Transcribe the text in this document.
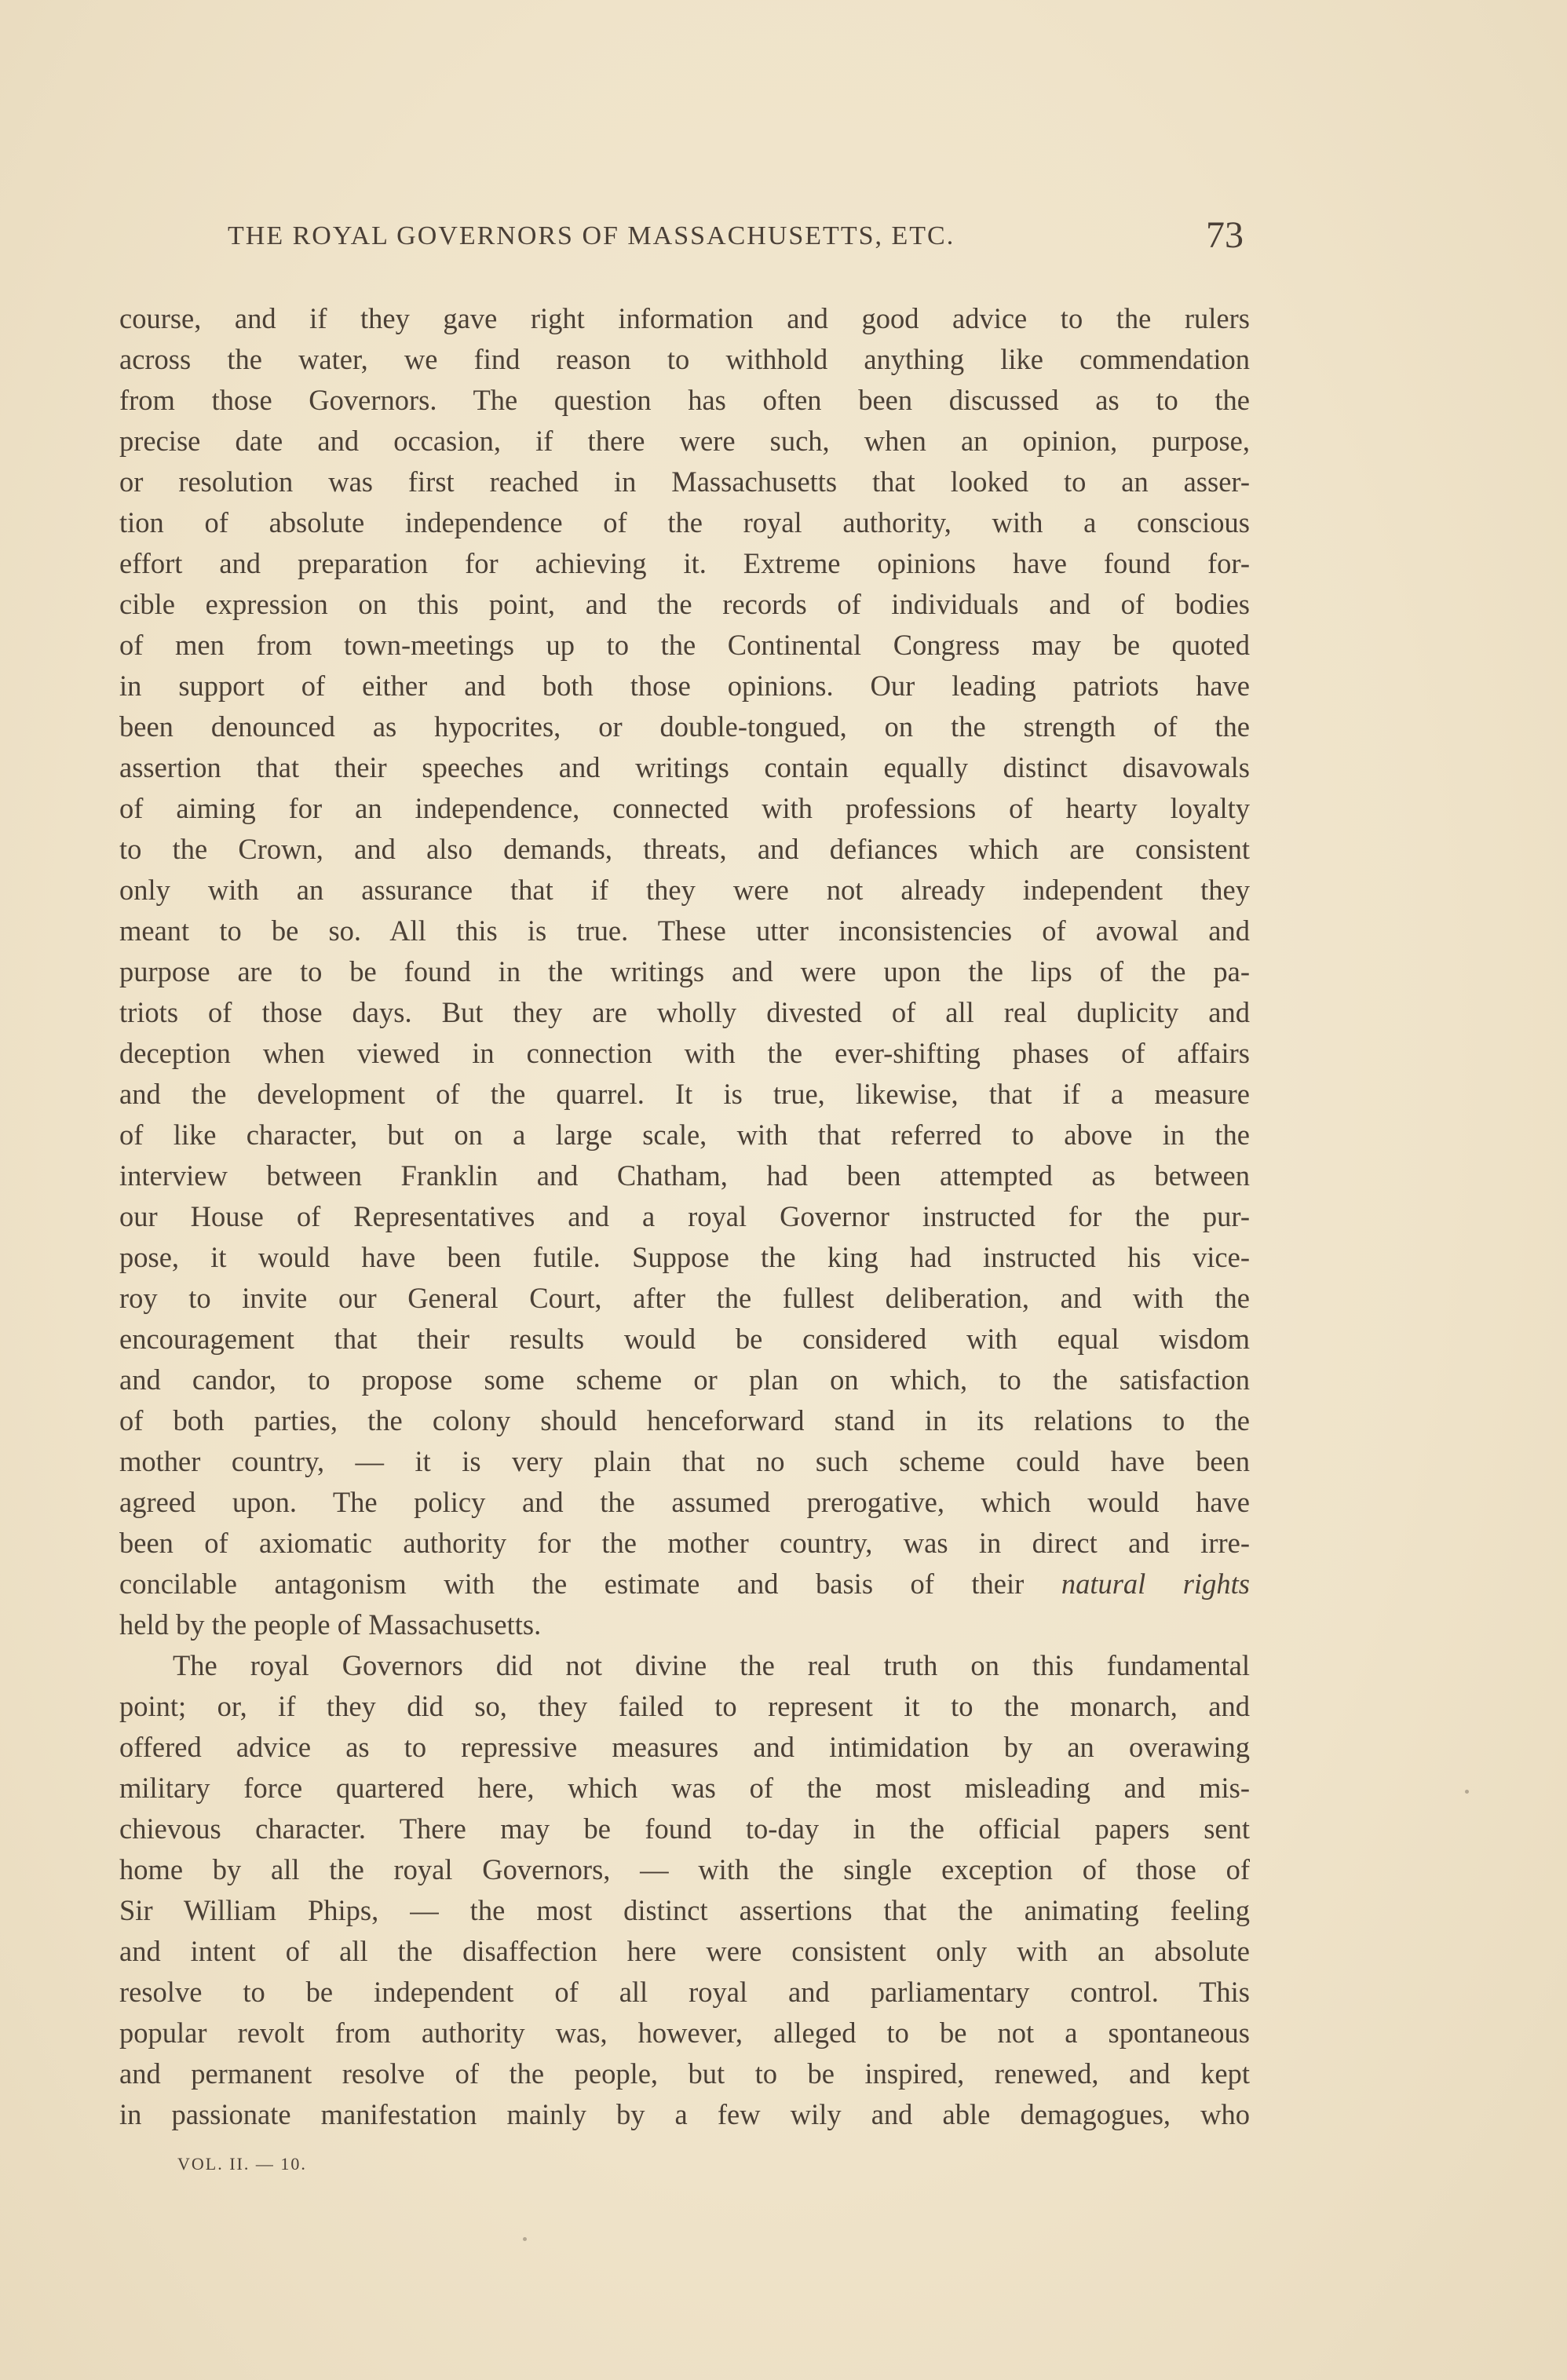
THE ROYAL GOVERNORS OF MASSACHUSETTS, ETC.	73
course, and if they gave right information and good advice to the rulers
across the water, we find reason to withhold anything like commendation
from those Governors. The question has often been discussed as to the
precise date and occasion, if there were such, when an opinion, purpose,
or resolution was first reached in Massachusetts that looked to an asser-
tion of absolute independence of the royal authority, with a conscious
effort and preparation for achieving it. Extreme opinions have found for-
cible expression on this point, and the records of individuals and of bodies
of men from town-meetings up to the Continental Congress may be quoted
in support of either and both those opinions. Our leading patriots have
been denounced as hypocrites, or double-tongued, on the strength of the
assertion that their speeches and writings contain equally distinct disavowals
of aiming for an independence, connected with professions of hearty loyalty
to the Crown, and also demands, threats, and defiances which are consistent
only with an assurance that if they were not already independent they
meant to be so. All this is true. These utter inconsistencies of avowal and
purpose are to be found in the writings and were upon the lips of the pa-
triots of those days. But they are wholly divested of all real duplicity and
deception when viewed in connection with the ever-shifting phases of affairs
and the development of the quarrel. It is true, likewise, that if a measure
of like character, but on a large scale, with that referred to above in the
interview between Franklin and Chatham, had been attempted as between
our House of Representatives and a royal Governor instructed for the pur-
pose, it would have been futile. Suppose the king had instructed his vice-
roy to invite our General Court, after the fullest deliberation, and with the
encouragement that their results would be considered with equal wisdom
and candor, to propose some scheme or plan on which, to the satisfaction
of both parties, the colony should henceforward stand in its relations to the
mother country, — it is very plain that no such scheme could have been
agreed upon. The policy and the assumed prerogative, which would have
been of axiomatic authority for the mother country, was in direct and irre-
concilable antagonism with the estimate and basis of their natural rights
held by the people of Massachusetts.
The royal Governors did not divine the real truth on this fundamental
point; or, if they did so, they failed to represent it to the monarch, and
offered advice as to repressive measures and intimidation by an overawing
military force quartered here, which was of the most misleading and mis-
chievous character. There may be found to-day in the official papers sent
home by all the royal Governors, — with the single exception of those of
Sir William Phips, — the most distinct assertions that the animating feeling
and intent of all the disaffection here were consistent only with an absolute
resolve to be independent of all royal and parliamentary control. This
popular revolt from authority was, however, alleged to be not a spontaneous
and permanent resolve of the people, but to be inspired, renewed, and kept
in passionate manifestation mainly by a few wily and able demagogues, who
VOL. II. — 10.
